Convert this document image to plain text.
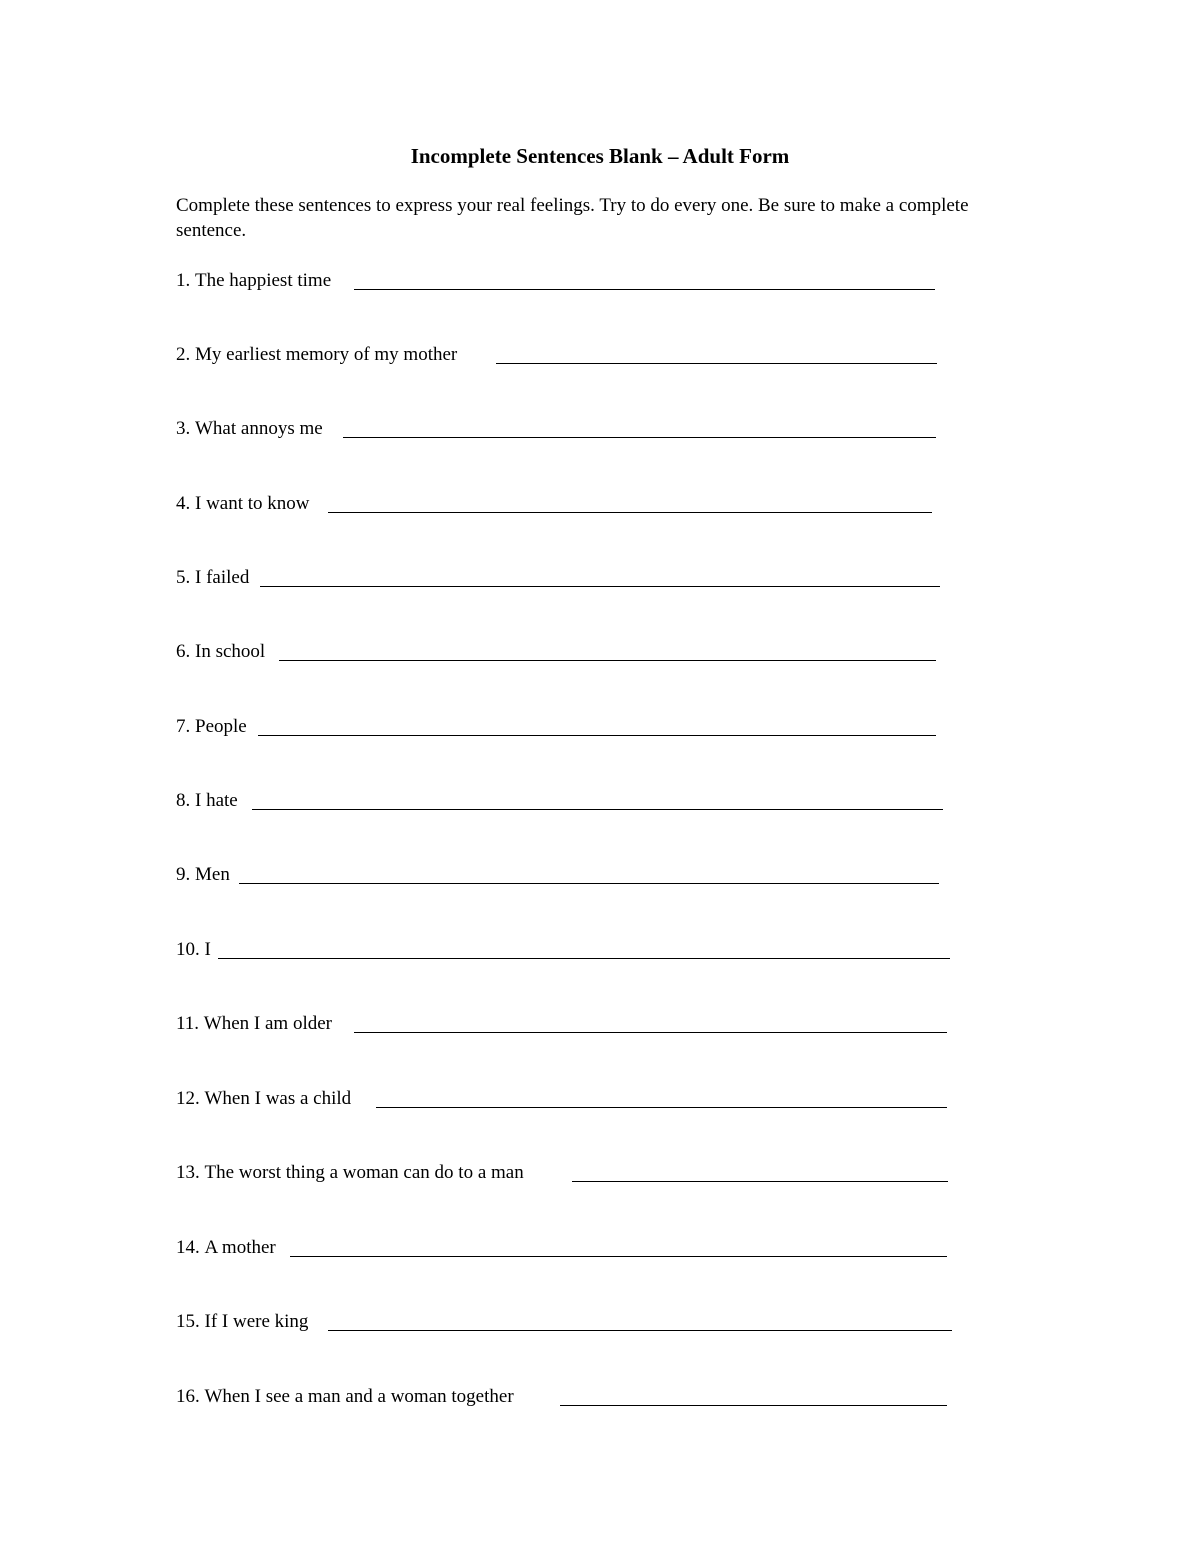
Incomplete Sentences Blank – Adult Form
Complete these sentences to express your real feelings. Try to do every one. Be sure to make a complete sentence.
1. The happiest time
2. My earliest memory of my mother
3. What annoys me
4. I want to know
5. I failed
6. In school
7. People
8. I hate
9. Men
10. I
11. When I am older
12. When I was a child
13. The worst thing a woman can do to a man
14. A mother
15. If I were king
16. When I see a man and a woman together
